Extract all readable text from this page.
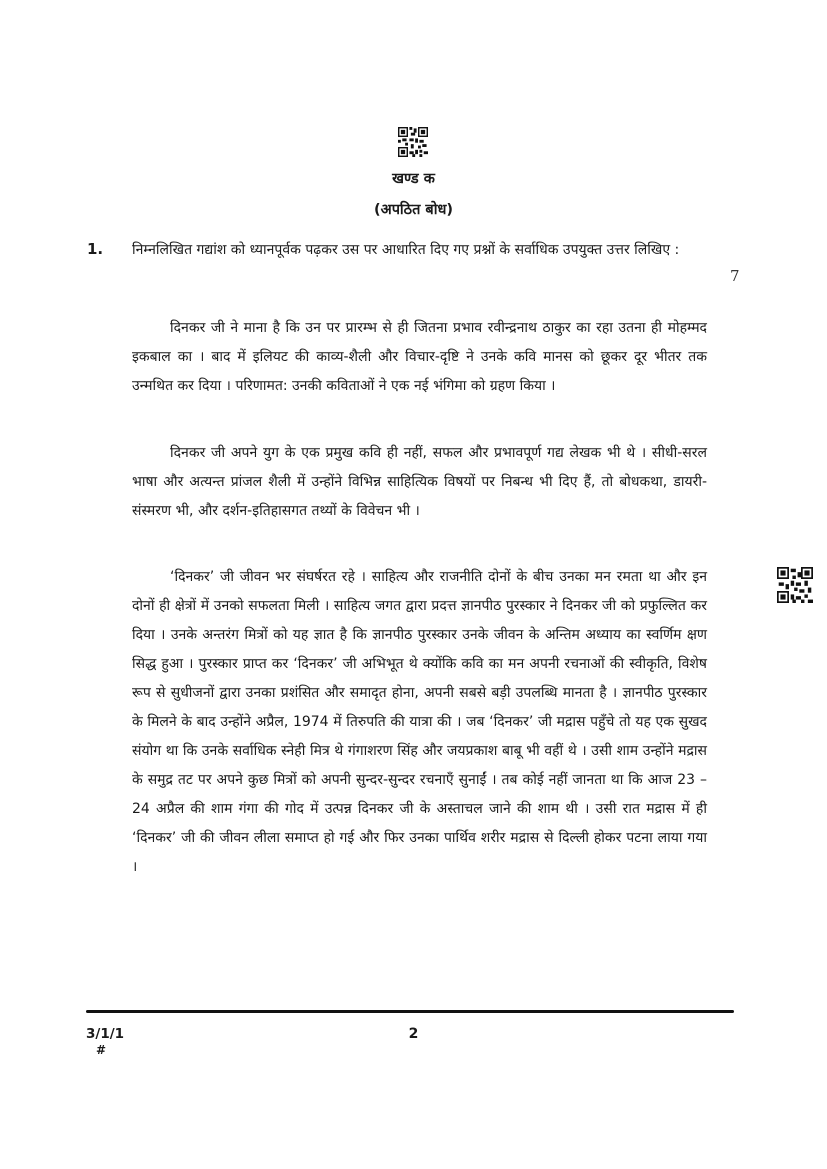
खण्ड क
(अपठित बोध)
1. निम्नलिखित गद्यांश को ध्यानपूर्वक पढ़कर उस पर आधारित दिए गए प्रश्नों के सर्वाधिक उपयुक्त उत्तर लिखिए :

7

दिनकर जी ने माना है कि उन पर प्रारम्भ से ही जितना प्रभाव रवीन्द्रनाथ ठाकुर का रहा उतना ही मोहम्मद इकबाल का । बाद में इलियट की काव्य-शैली और विचार-दृष्टि ने उनके कवि मानस को छूकर दूर भीतर तक उन्मथित कर दिया । परिणामत: उनकी कविताओं ने एक नई भंगिमा को ग्रहण किया ।

दिनकर जी अपने युग के एक प्रमुख कवि ही नहीं, सफल और प्रभावपूर्ण गद्य लेखक भी थे । सीधी-सरल भाषा और अत्यन्त प्रांजल शैली में उन्होंने विभिन्न साहित्यिक विषयों पर निबन्ध भी दिए हैं, तो बोधकथा, डायरी-संस्मरण भी, और दर्शन-इतिहासगत तथ्यों के विवेचन भी ।

‘दिनकर’ जी जीवन भर संघर्षरत रहे । साहित्य और राजनीति दोनों के बीच उनका मन रमता था और इन दोनों ही क्षेत्रों में उनको सफलता मिली । साहित्य जगत द्वारा प्रदत्त ज्ञानपीठ पुरस्कार ने दिनकर जी को प्रफुल्लित कर दिया । उनके अन्तरंग मित्रों को यह ज्ञात है कि ज्ञानपीठ पुरस्कार उनके जीवन के अन्तिम अध्याय का स्वर्णिम क्षण सिद्ध हुआ । पुरस्कार प्राप्त कर ‘दिनकर’ जी अभिभूत थे क्योंकि कवि का मन अपनी रचनाओं की स्वीकृति, विशेष रूप से सुधीजनों द्वारा उनका प्रशंसित और समादृत होना, अपनी सबसे बड़ी उपलब्धि मानता है । ज्ञानपीठ पुरस्कार के मिलने के बाद उन्होंने अप्रैल, 1974 में तिरुपति की यात्रा की । जब ‘दिनकर’ जी मद्रास पहुँचे तो यह एक सुखद संयोग था कि उनके सर्वाधिक स्नेही मित्र थे गंगाशरण सिंह और जयप्रकाश बाबू भी वहीं थे । उसी शाम उन्होंने मद्रास के समुद्र तट पर अपने कुछ मित्रों को अपनी सुन्दर-सुन्दर रचनाएँ सुनाईं । तब कोई नहीं जानता था कि आज 23 – 24 अप्रैल की शाम गंगा की गोद में उत्पन्न दिनकर जी के अस्ताचल जाने की शाम थी । उसी रात मद्रास में ही ‘दिनकर’ जी की जीवन लीला समाप्त हो गई और फिर उनका पार्थिव शरीर मद्रास से दिल्ली होकर पटना लाया गया ।

3/1/1
#
2
